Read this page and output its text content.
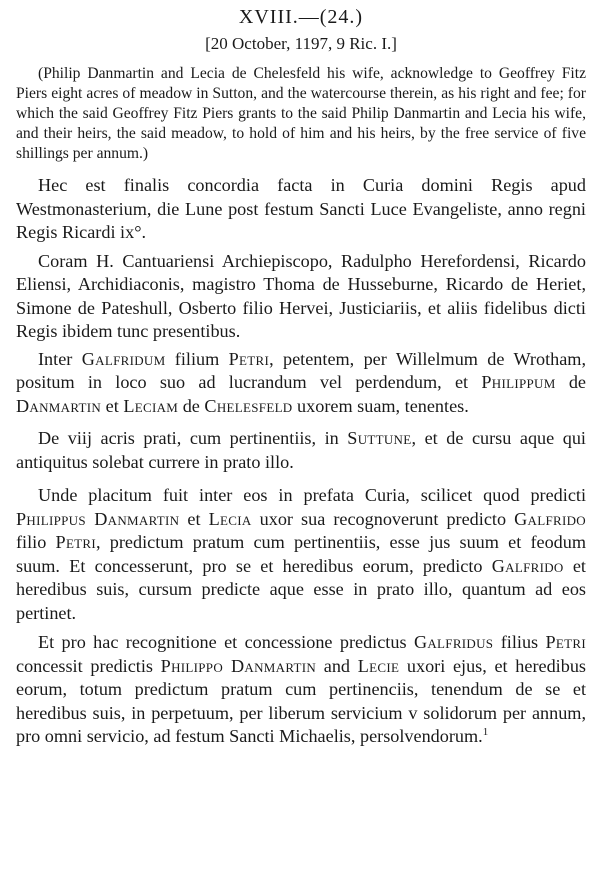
XVIII.—(24.)
[20 October, 1197, 9 Ric. I.]

(Philip Danmartin and Lecia de Chelesfeld his wife, acknowledge to Geoffrey Fitz Piers eight acres of meadow in Sutton, and the watercourse therein, as his right and fee; for which the said Geoffrey Fitz Piers grants to the said Philip Danmartin and Lecia his wife, and their heirs, the said meadow, to hold of him and his heirs, by the free service of five shillings per annum.)

Hec est finalis concordia facta in Curia domini Regis apud Westmonasterium, die Lune post festum Sancti Luce Evangeliste, anno regni Regis Ricardi ix°.

Coram H. Cantuariensi Archiepiscopo, Radulpho Herefordensi, Ricardo Eliensi, Archidiaconis, magistro Thoma de Husseburne, Ricardo de Heriet, Simone de Pateshull, Osberto filio Hervei, Justiciariis, et aliis fidelibus dicti Regis ibidem tunc presentibus.

Inter Galfridum filium Petri, petentem, per Willelmum de Wrotham, positum in loco suo ad lucrandum vel perdendum, et Philippum de Danmartin et Leciam de Chelesfeld uxorem suam, tenentes.

De viij acris prati, cum pertinentiis, in Suttune, et de cursu aque qui antiquitus solebat currere in prato illo.

Unde placitum fuit inter eos in prefata Curia, scilicet quod predicti Philippus Danmartin et Lecia uxor sua recognoverunt predicto Galfrido filio Petri, predictum pratum cum pertinentiis, esse jus suum et feodum suum. Et concesserunt, pro se et heredibus eorum, predicto Galfrido et heredibus suis, cursum predicte aque esse in prato illo, quantum ad eos pertinet.

Et pro hac recognitione et concessione predictus Galfridus filius Petri concessit predictis Philippo Danmartin and Lecie uxori ejus, et heredibus eorum, totum predictum pratum cum pertinenciis, tenendum de se et heredibus suis, in perpetuum, per liberum servicium v solidorum per annum, pro omni servicio, ad festum Sancti Michaelis, persolvendorum.$^1$
